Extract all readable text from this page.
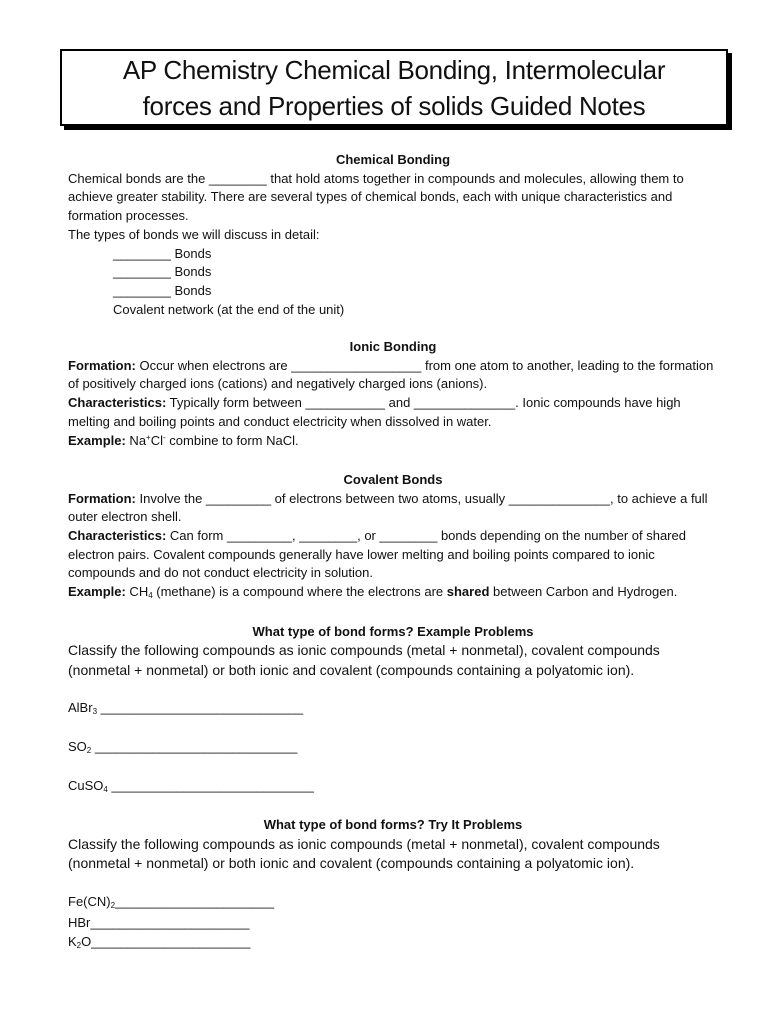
AP Chemistry Chemical Bonding, Intermolecular
forces and Properties of solids Guided Notes

Chemical Bonding

Chemical bonds are the ________ that hold atoms together in compounds and molecules, allowing them to achieve greater stability. There are several types of chemical bonds, each with unique characteristics and formation processes.

The types of bonds we will discuss in detail:

________ Bonds

________ Bonds

________ Bonds

Covalent network (at the end of the unit)

Ionic Bonding

Formation: Occur when electrons are __________________ from one atom to another, leading to the formation of positively charged ions (cations) and negatively charged ions (anions).

Characteristics: Typically form between ___________ and ______________. Ionic compounds have high melting and boiling points and conduct electricity when dissolved in water.

Example: Na+Cl- combine to form NaCl.

Covalent Bonds

Formation: Involve the _________ of electrons between two atoms, usually ______________, to achieve a full outer electron shell.

Characteristics: Can form _________, ________, or ________ bonds depending on the number of shared electron pairs. Covalent compounds generally have lower melting and boiling points compared to ionic compounds and do not conduct electricity in solution.

Example: CH4 (methane) is a compound where the electrons are shared between Carbon and Hydrogen.

What type of bond forms? Example Problems

Classify the following compounds as ionic compounds (metal + nonmetal), covalent compounds (nonmetal + nonmetal) or both ionic and covalent (compounds containing a polyatomic ion).

AlBr3 ____________________________

SO2 ____________________________

CuSO4 ____________________________

What type of bond forms? Try It Problems

Classify the following compounds as ionic compounds (metal + nonmetal), covalent compounds (nonmetal + nonmetal) or both ionic and covalent (compounds containing a polyatomic ion).

Fe(CN)2______________________

HBr______________________

K2O______________________
